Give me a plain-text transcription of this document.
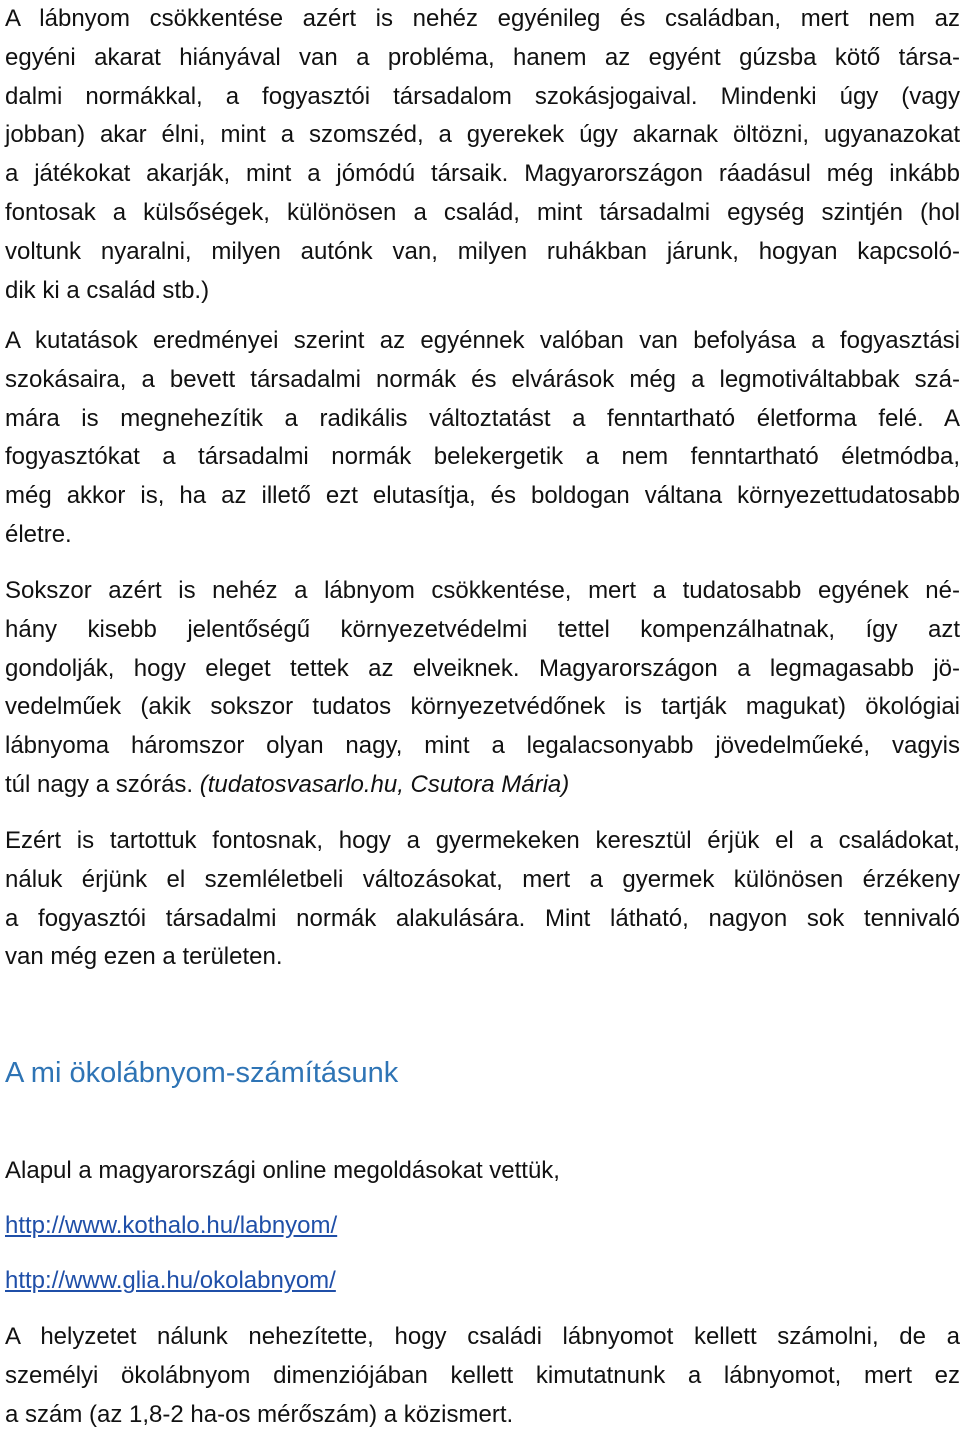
A lábnyom csökkentése azért is nehéz egyénileg és családban, mert nem az
egyéni akarat hiányával van a probléma, hanem az egyént gúzsba kötő társa-
dalmi normákkal, a fogyasztói társadalom szokásjogaival. Mindenki úgy (vagy
jobban) akar élni, mint a szomszéd, a gyerekek úgy akarnak öltözni, ugyanazokat
a játékokat akarják, mint a jómódú társaik. Magyarországon ráadásul még inkább
fontosak a külsőségek, különösen a család, mint társadalmi egység szintjén (hol
voltunk nyaralni, milyen autónk van, milyen ruhákban járunk, hogyan kapcsoló-
dik ki a család stb.)
A kutatások eredményei szerint az egyénnek valóban van befolyása a fogyasztási
szokásaira, a bevett társadalmi normák és elvárások még a legmotiváltabbak szá-
mára is megnehezítik a radikális változtatást a fenntartható életforma felé. A
fogyasztókat a társadalmi normák belekergetik a nem fenntartható életmódba,
még akkor is, ha az illető ezt elutasítja, és boldogan váltana környezettudatosabb
életre.
Sokszor azért is nehéz a lábnyom csökkentése, mert a tudatosabb egyének né-
hány kisebb jelentőségű környezetvédelmi tettel kompenzálhatnak, így azt
gondolják, hogy eleget tettek az elveiknek. Magyarországon a legmagasabb jö-
vedelműek (akik sokszor tudatos környezetvédőnek is tartják magukat) ökológiai
lábnyoma háromszor olyan nagy, mint a legalacsonyabb jövedelműeké, vagyis
túl nagy a szórás. (tudatosvasarlo.hu, Csutora Mária)
Ezért is tartottuk fontosnak, hogy a gyermekeken keresztül érjük el a családokat,
náluk érjünk el szemléletbeli változásokat, mert a gyermek különösen érzékeny
a fogyasztói társadalmi normák alakulására. Mint látható, nagyon sok tennivaló
van még ezen a területen.
A mi ökolábnyom-számításunk
Alapul a magyarországi online megoldásokat vettük,
http://www.kothalo.hu/labnyom/
http://www.glia.hu/okolabnyom/
A helyzetet nálunk nehezítette, hogy családi lábnyomot kellett számolni, de a
személyi ökolábnyom dimenziójában kellett kimutatnunk a lábnyomot, mert ez
a szám (az 1,8-2 ha-os mérőszám) a közismert.
